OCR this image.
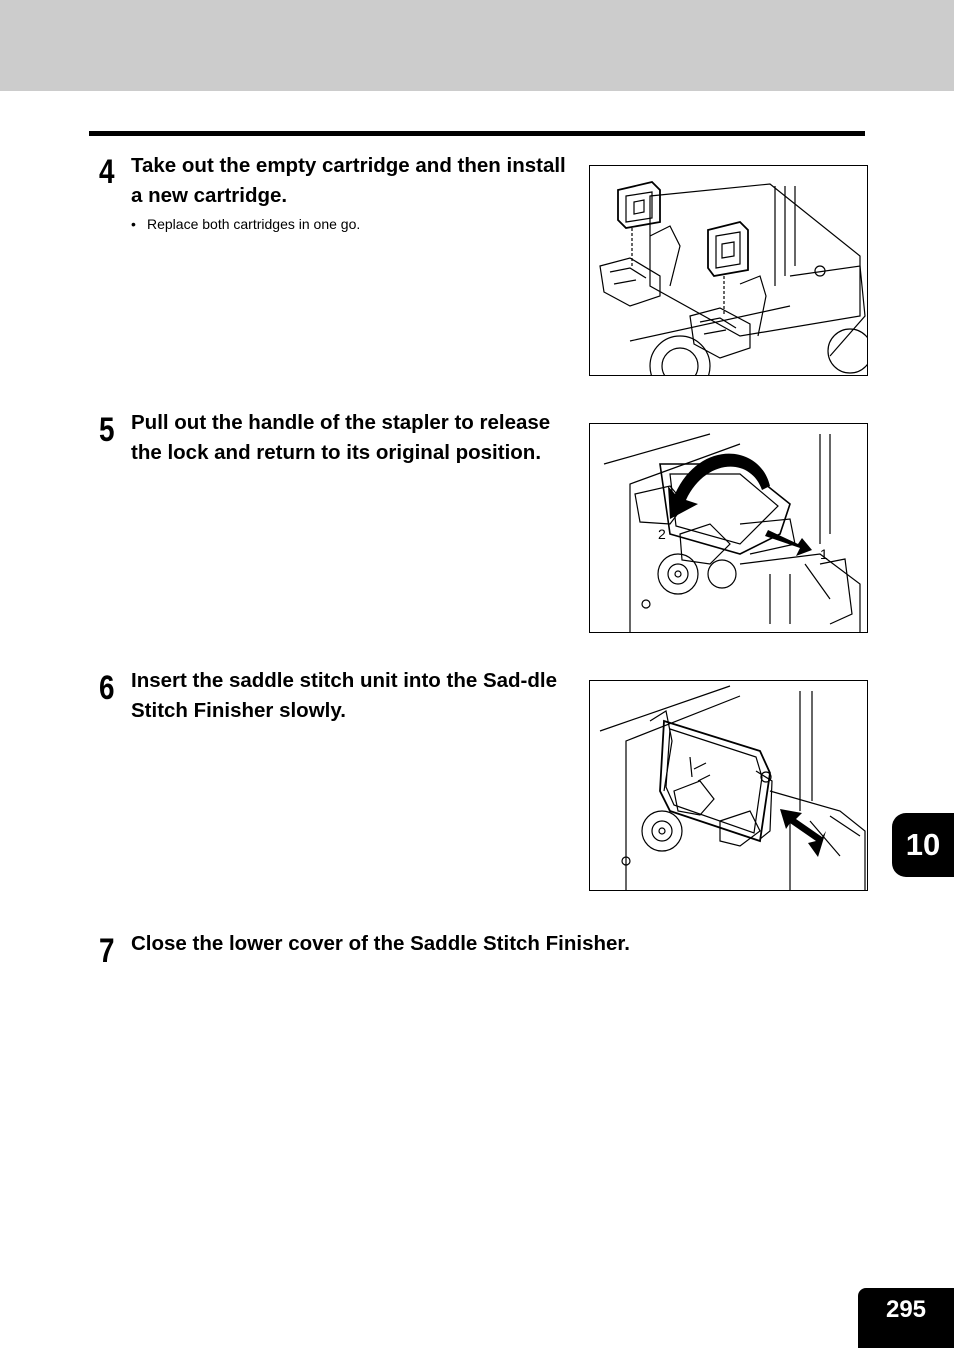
4 Take out the empty cartridge and then install a new cartridge.
• Replace both cartridges in one go.
5 Pull out the handle of the stapler to release the lock and return to its original position.
2
1
6 Insert the saddle stitch unit into the Sad-dle Stitch Finisher slowly.
7 Close the lower cover of the Saddle Stitch Finisher.
10
295
